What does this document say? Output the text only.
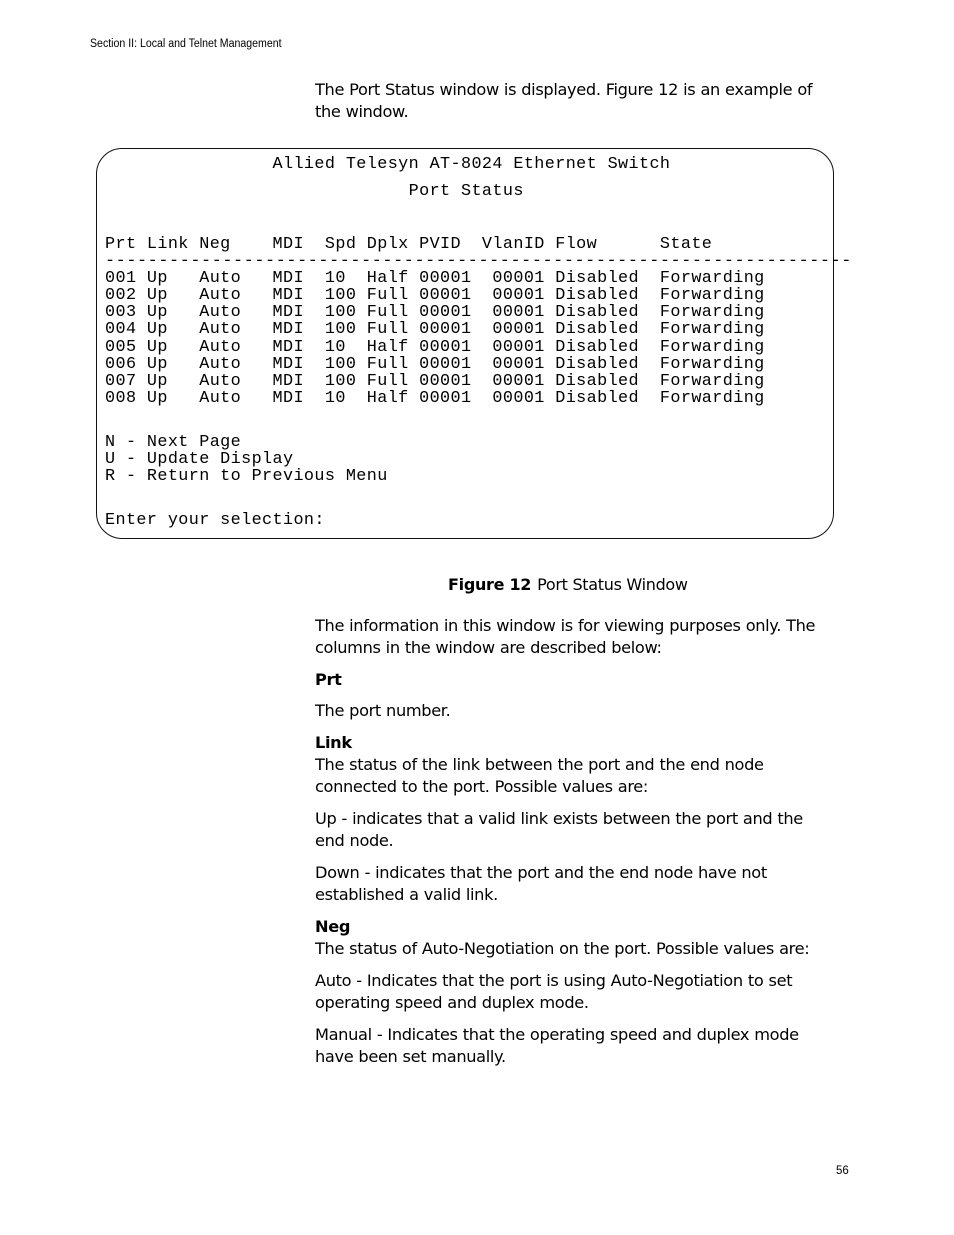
Section II: Local and Telnet Management

The Port Status window is displayed. Figure 12 is an example of the window.

Allied Telesyn AT-8024 Ethernet Switch
Port Status
Prt Link Neg    MDI  Spd Dplx PVID  VlanID Flow      State
----------------------------------------------------------------------
001 Up   Auto   MDI  10  Half 00001  00001 Disabled  Forwarding
002 Up   Auto   MDI  100 Full 00001  00001 Disabled  Forwarding
003 Up   Auto   MDI  100 Full 00001  00001 Disabled  Forwarding
004 Up   Auto   MDI  100 Full 00001  00001 Disabled  Forwarding
005 Up   Auto   MDI  10  Half 00001  00001 Disabled  Forwarding
006 Up   Auto   MDI  100 Full 00001  00001 Disabled  Forwarding
007 Up   Auto   MDI  100 Full 00001  00001 Disabled  Forwarding
008 Up   Auto   MDI  10  Half 00001  00001 Disabled  Forwarding
N - Next Page
U - Update Display
R - Return to Previous Menu
Enter your selection:
Figure 12 Port Status Window

The information in this window is for viewing purposes only. The columns in the window are described below:

Prt

The port number.

Link

The status of the link between the port and the end node connected to the port. Possible values are:

Up - indicates that a valid link exists between the port and the end node.

Down - indicates that the port and the end node have not established a valid link.

Neg

The status of Auto-Negotiation on the port. Possible values are:

Auto - Indicates that the port is using Auto-Negotiation to set operating speed and duplex mode.

Manual - Indicates that the operating speed and duplex mode have been set manually.

56
